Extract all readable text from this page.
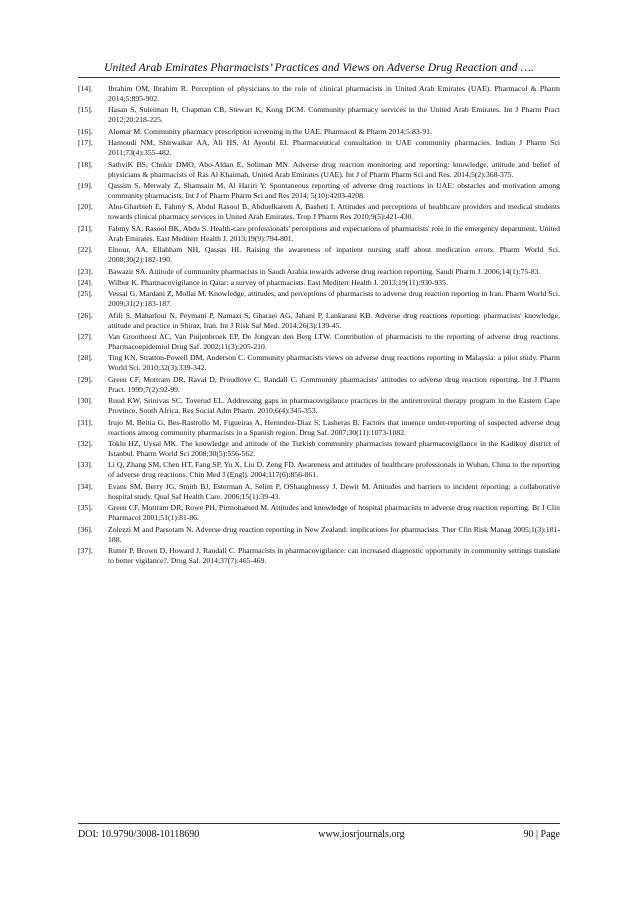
United Arab Emirates Pharmacists’ Practices and Views on Adverse Drug Reaction and ….
[14].	Ibrahim OM, Ibrahim R. Perception of physicians to the role of clinical pharmacists in United Arab Emirates (UAE). Pharmacol & Pharm 2014;5:895-902.
[15].	Hasan S, Suleiman H, Chapman CB, Stewart K, Kong DCM. Community pharmacy services in the United Arab Emirates. Int J Pharm Pract 2012;20:218-225.
[16].	Alomar M. Community pharmacy prescription screening in the UAE. Pharmacol & Pharm 2014;5:83-91.
[17].	Hamoudi NM, Shirwaikar AA, Ali HS, Al Ayoubi EI. Pharmaceutical consultation in UAE community pharmacies. Indian J Pharm Sci 2011;73(4):355-482.
[18].	SathviK BS, Chukir DMO, Abo-Aldan E, Soliman MN. Adverse drug reaction monitoring and reporting: knowledge, attitude and belief of physicians & pharmacists of Ras Al Khaimah, United Arab Emirates (UAE). Int J of Pharm Pharm Sci and Res. 2014;5(2):368-375.
[19].	Qassim S, Metwaly Z, Shamsain M, Al Hariri Y. Spontaneous reporting of adverse drug reactions in UAE: obstacles and motivation among community pharmacists. Int J of Pharm Pharm Sci and Res 2014; 5(10):4203-4208.
[20].	Abu-Gharbieh E, Fahmy S, Abdul Rasool B, Abduelkarem A, Basheti I. Attitudes and perceptions of healthcare providers and medical students towards clinical pharmacy services in United Arab Emirates. Trop J Pharm Res 2010;9(5):421-430.
[21].	Fahmy SA, Rasool BK, Abdu S. Health-care professionals' perceptions and expectations of pharmacists' role in the emergency department, United Arab Emirates. East Mediterr Health J. 2013;19(9):794-801.
[22].	Elnour, AA, Ellahham NH, Qassas HI. Raising the awareness of inpatient nursing staff about medication errors. Pharm World Sci. 2008;30(2):182-190.
[23].	Bawazir SA. Attitude of community pharmacists in Saudi Arabia towards adverse drug reaction reporting. Saudi Pharm J. 2006;14(1):75-83.
[24].	Wilbur K. Pharmacovigilance in Qatar: a survey of pharmacists. East Mediterr Health J. 2013;19(11):930-935.
[25].	Vessal G, Mardani Z, Mollai M. Knowledge, attitudes, and perceptions of pharmacists to adverse drug reaction reporting in Iran. Pharm World Sci. 2009;31(2):183-187.
[26].	Afifi S, Maharloui N, Peymani P, Namazi S, Gharaei AG, Jahani P, Lankarani KB. Adverse drug reactions reporting: pharmacists' knowledge, attitude and practice in Shiraz, Iran. Int J Risk Saf Med. 2014;26(3):139-45.
[27].	Van Grootheest AC, Van Puijenbroek EP, De Jongvan den Berg LTW. Contribution of pharmacists to the reporting of adverse drug reactions. Pharmacoepidemiol Drug Saf. 2002;11(3):205-210.
[28].	Ting KN, Stratton-Powell DM, Anderson C. Community pharmacists views on adverse drug reactions reporting in Malaysia: a pilot study. Pharm World Sci. 2010;32(3):339-342.
[29].	Green CF, Mottram DR, Raval D, Proudlove C, Randall C. Community pharmacists' attitudes to adverse drug reaction reporting. Int J Pharm Pract. 1999;7(2):92-99.
[30].	Ruud KW, Srinivas SC, Toverud EL. Addressing gaps in pharmacovigilance practices in the antiretroviral therapy program in the Eastern Cape Province, South Africa. Res Social Adm Pharm. 2010;6(4):345-353.
[31].	Irujo M, Beitia G, Bes-Rastrollo M, Figueiras A, Hernndez-Diaz S, Lasheras B. Factors that inuence under-reporting of suspected adverse drug reactions among community pharmacists in a Spanish region. Drug Saf. 2007;30(11):1073-1082.
[32].	Toklu HZ, Uysal MK. The knowledge and attitude of the Turkish community pharmacists toward pharmacovigilance in the Kadikoy district of Istanbul. Pharm World Sci 2008;30(5):556-562.
[33].	Li Q, Zhang SM, Chen HT, Fang SP, Yu X, Liu D, Zeng FD. Awareness and attitudes of healthcare professionals in Wuhan, China to the reporting of adverse drug reactions. Chin Med J (Engl). 2004;117(6):856-861.
[34].	Evans SM, Berry JG, Smith BJ, Esterman A, Selim P, OShaughnessy J, Dewit M. Attitudes and barriers to incident reporting: a collaborative hospital study. Qual Saf Health Care. 2006;15(1):39-43.
[35].	Green CF, Mottram DR, Rowe PH, Pirmohamed M. Attitudes and knowledge of hospital pharmacists to adverse drug reaction reporting. Br J Clin Pharmacol 2001;51(1):81-86.
[36].	Zolezzi M and Parsotam N. Adverse drug reaction reporting in New Zealand: implications for pharmacists. Ther Clin Risk Manag 2005;1(3):181-188.
[37].	Rutter P, Brown D, Howard J, Randall C. Pharmacists in pharmacovigilance: can increased diagnostic opportunity in community settings translate to better vigilance?. Drug Saf. 2014;37(7):465-469.
DOI: 10.9790/3008-10118690	www.iosrjournals.org	90 | Page
